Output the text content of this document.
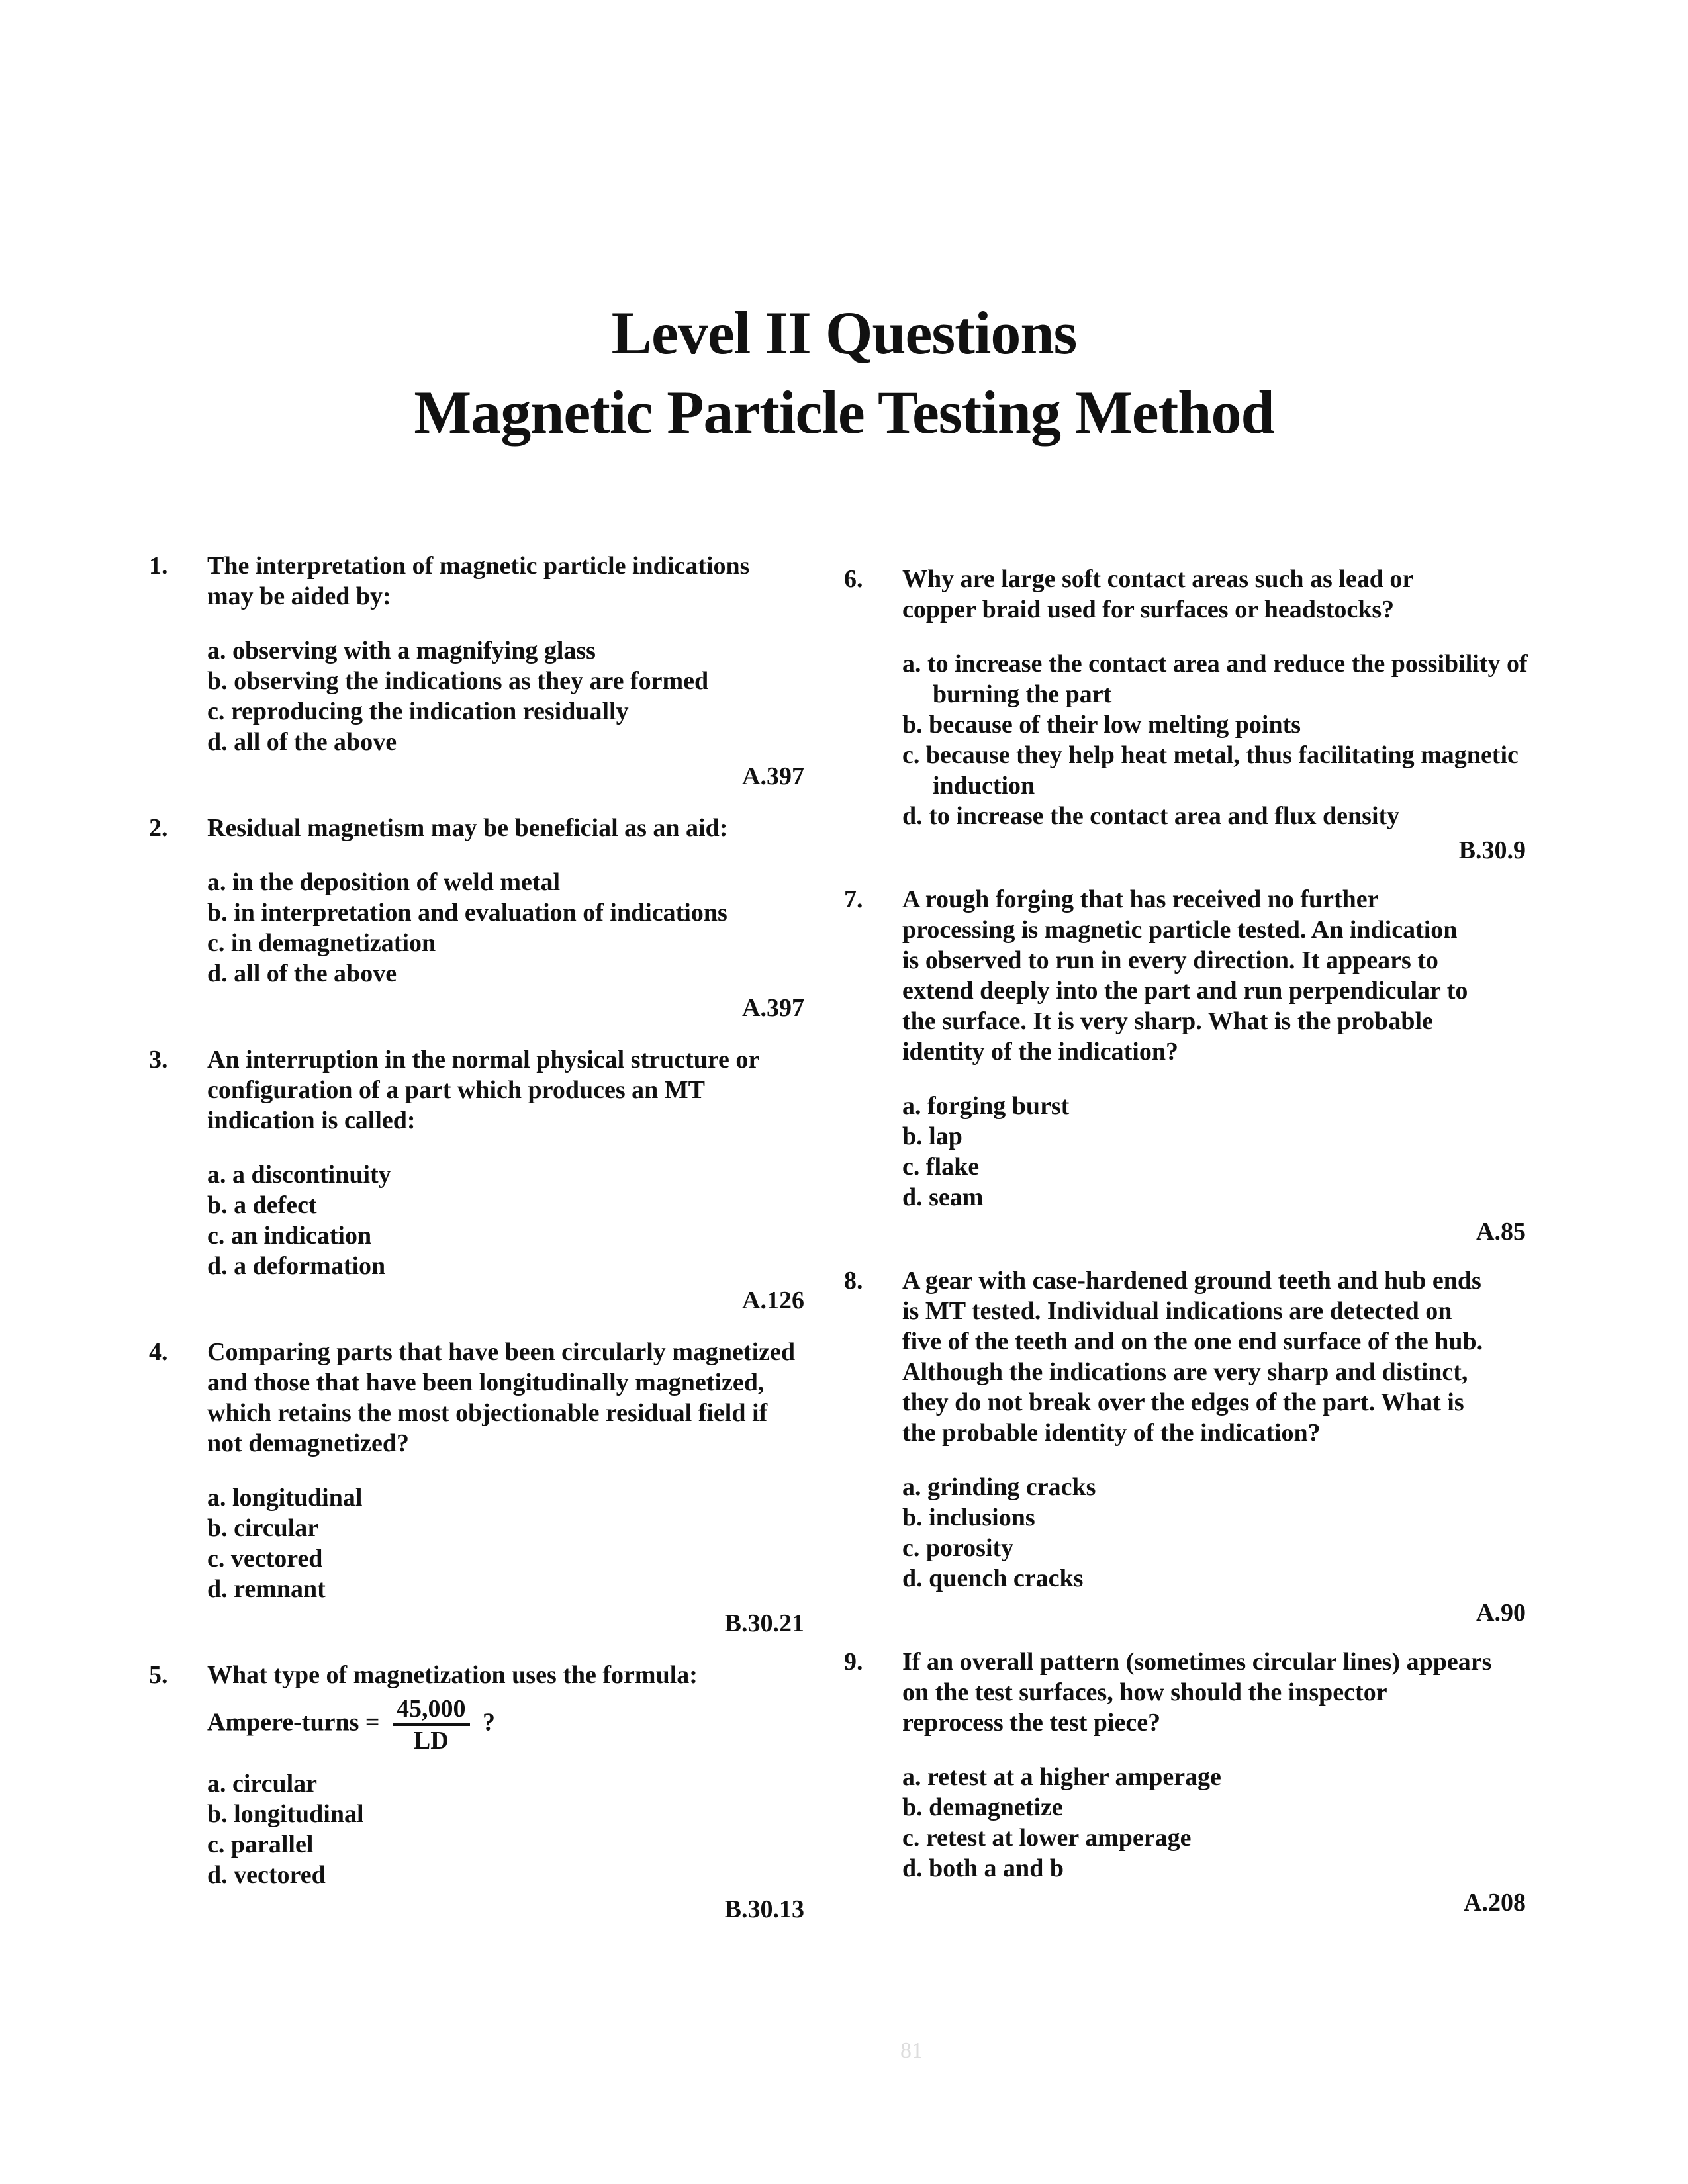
Level II Questions
Magnetic Particle Testing Method
1.	The interpretation of magnetic particle indications
may be aided by:
a. observing with a magnifying glass
b. observing the indications as they are formed
c. reproducing the indication residually
d. all of the above
A.397
2.	Residual magnetism may be beneficial as an aid:
a. in the deposition of weld metal
b. in interpretation and evaluation of indications
c. in demagnetization
d. all of the above
A.397
3.	An interruption in the normal physical structure or
configuration of a part which produces an MT
indication is called:
a. a discontinuity
b. a defect
c. an indication
d. a deformation
A.126
4.	Comparing parts that have been circularly magnetized
and those that have been longitudinally magnetized,
which retains the most objectionable residual field if
not demagnetized?
a. longitudinal
b. circular
c. vectored
d. remnant
B.30.21
5.	What type of magnetization uses the formula:
Ampere-turns = $\frac{45,000}{LD}$ ?
a. circular
b. longitudinal
c. parallel
d. vectored
B.30.13
6.	Why are large soft contact areas such as lead or
copper braid used for surfaces or headstocks?
a. to increase the contact area and reduce the possibility of burning the part
b. because of their low melting points
c. because they help heat metal, thus facilitating magnetic induction
d. to increase the contact area and flux density
B.30.9
7.	A rough forging that has received no further
processing is magnetic particle tested. An indication
is observed to run in every direction. It appears to
extend deeply into the part and run perpendicular to
the surface. It is very sharp. What is the probable
identity of the indication?
a. forging burst
b. lap
c. flake
d. seam
A.85
8.	A gear with case-hardened ground teeth and hub ends
is MT tested. Individual indications are detected on
five of the teeth and on the one end surface of the hub.
Although the indications are very sharp and distinct,
they do not break over the edges of the part. What is
the probable identity of the indication?
a. grinding cracks
b. inclusions
c. porosity
d. quench cracks
A.90
9.	If an overall pattern (sometimes circular lines) appears
on the test surfaces, how should the inspector
reprocess the test piece?
a. retest at a higher amperage
b. demagnetize
c. retest at lower amperage
d. both a and b
A.208
81
